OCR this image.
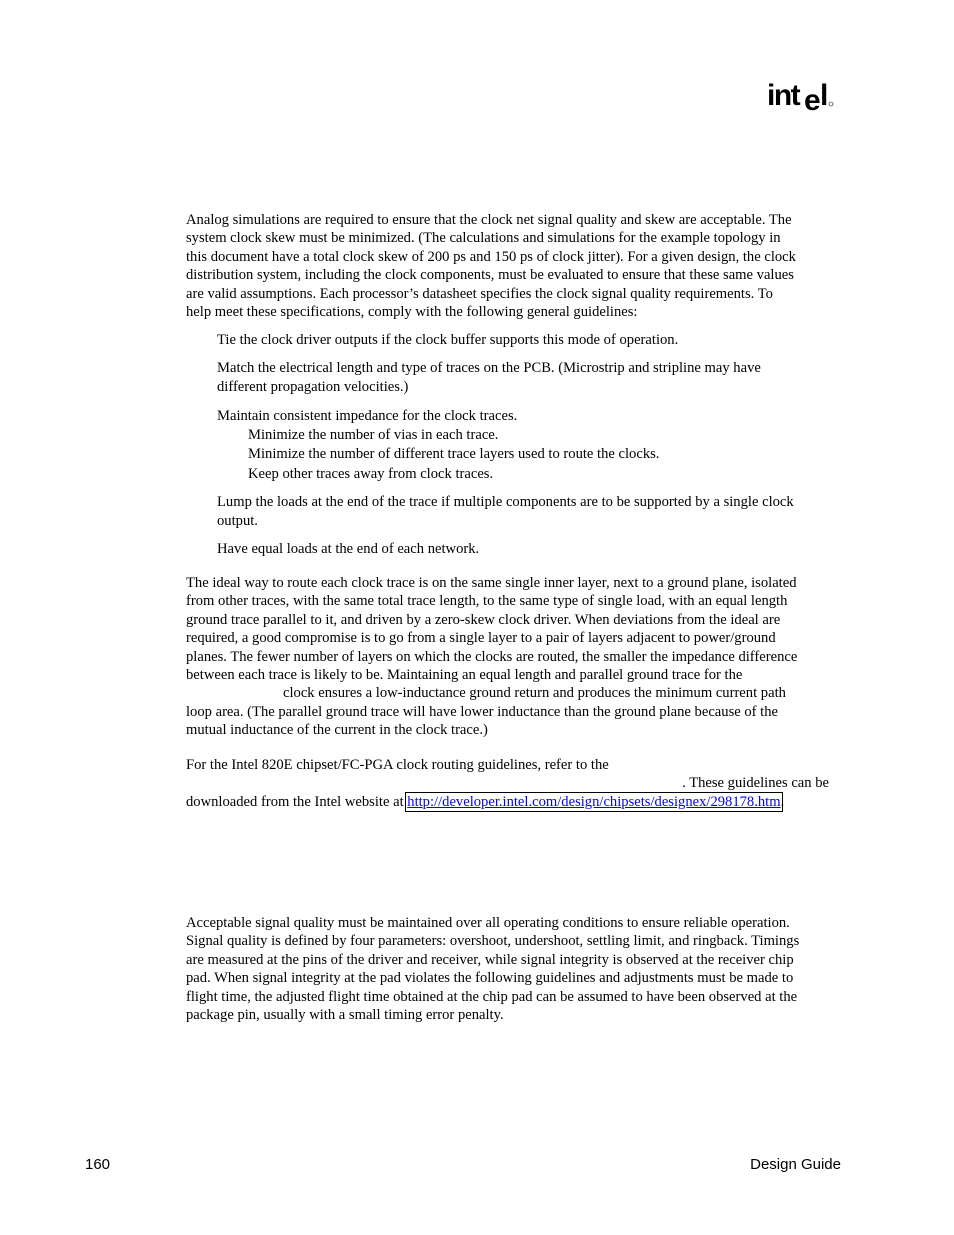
int e l
Analog simulations are required to ensure that the clock net signal quality and skew are acceptable. The
system clock skew must be minimized. (The calculations and simulations for the example topology in
this document have a total clock skew of 200 ps and 150 ps of clock jitter). For a given design, the clock
distribution system, including the clock components, must be evaluated to ensure that these same values
are valid assumptions. Each processor’s datasheet specifies the clock signal quality requirements. To
help meet these specifications, comply with the following general guidelines:
Tie the clock driver outputs if the clock buffer supports this mode of operation.
Match the electrical length and type of traces on the PCB. (Microstrip and stripline may have
different propagation velocities.)
Maintain consistent impedance for the clock traces.
Minimize the number of vias in each trace.
Minimize the number of different trace layers used to route the clocks.
Keep other traces away from clock traces.
Lump the loads at the end of the trace if multiple components are to be supported by a single clock
output.
Have equal loads at the end of each network.
The ideal way to route each clock trace is on the same single inner layer, next to a ground plane, isolated
from other traces, with the same total trace length, to the same type of single load, with an equal length
ground trace parallel to it, and driven by a zero-skew clock driver. When deviations from the ideal are
required, a good compromise is to go from a single layer to a pair of layers adjacent to power/ground
planes. The fewer number of layers on which the clocks are routed, the smaller the impedance difference
between each trace is likely to be. Maintaining an equal length and parallel ground trace for the
clock ensures a low-inductance ground return and produces the minimum current path
loop area. (The parallel ground trace will have lower inductance than the ground plane because of the
mutual inductance of the current in the clock trace.)
For the Intel 820E chipset/FC-PGA clock routing guidelines, refer to the
. These guidelines can be
downloaded from the Intel website at http://developer.intel.com/design/chipsets/designex/298178.htm.
Acceptable signal quality must be maintained over all operating conditions to ensure reliable operation.
Signal quality is defined by four parameters: overshoot, undershoot, settling limit, and ringback. Timings
are measured at the pins of the driver and receiver, while signal integrity is observed at the receiver chip
pad. When signal integrity at the pad violates the following guidelines and adjustments must be made to
flight time, the adjusted flight time obtained at the chip pad can be assumed to have been observed at the
package pin, usually with a small timing error penalty.
160	Design Guide
